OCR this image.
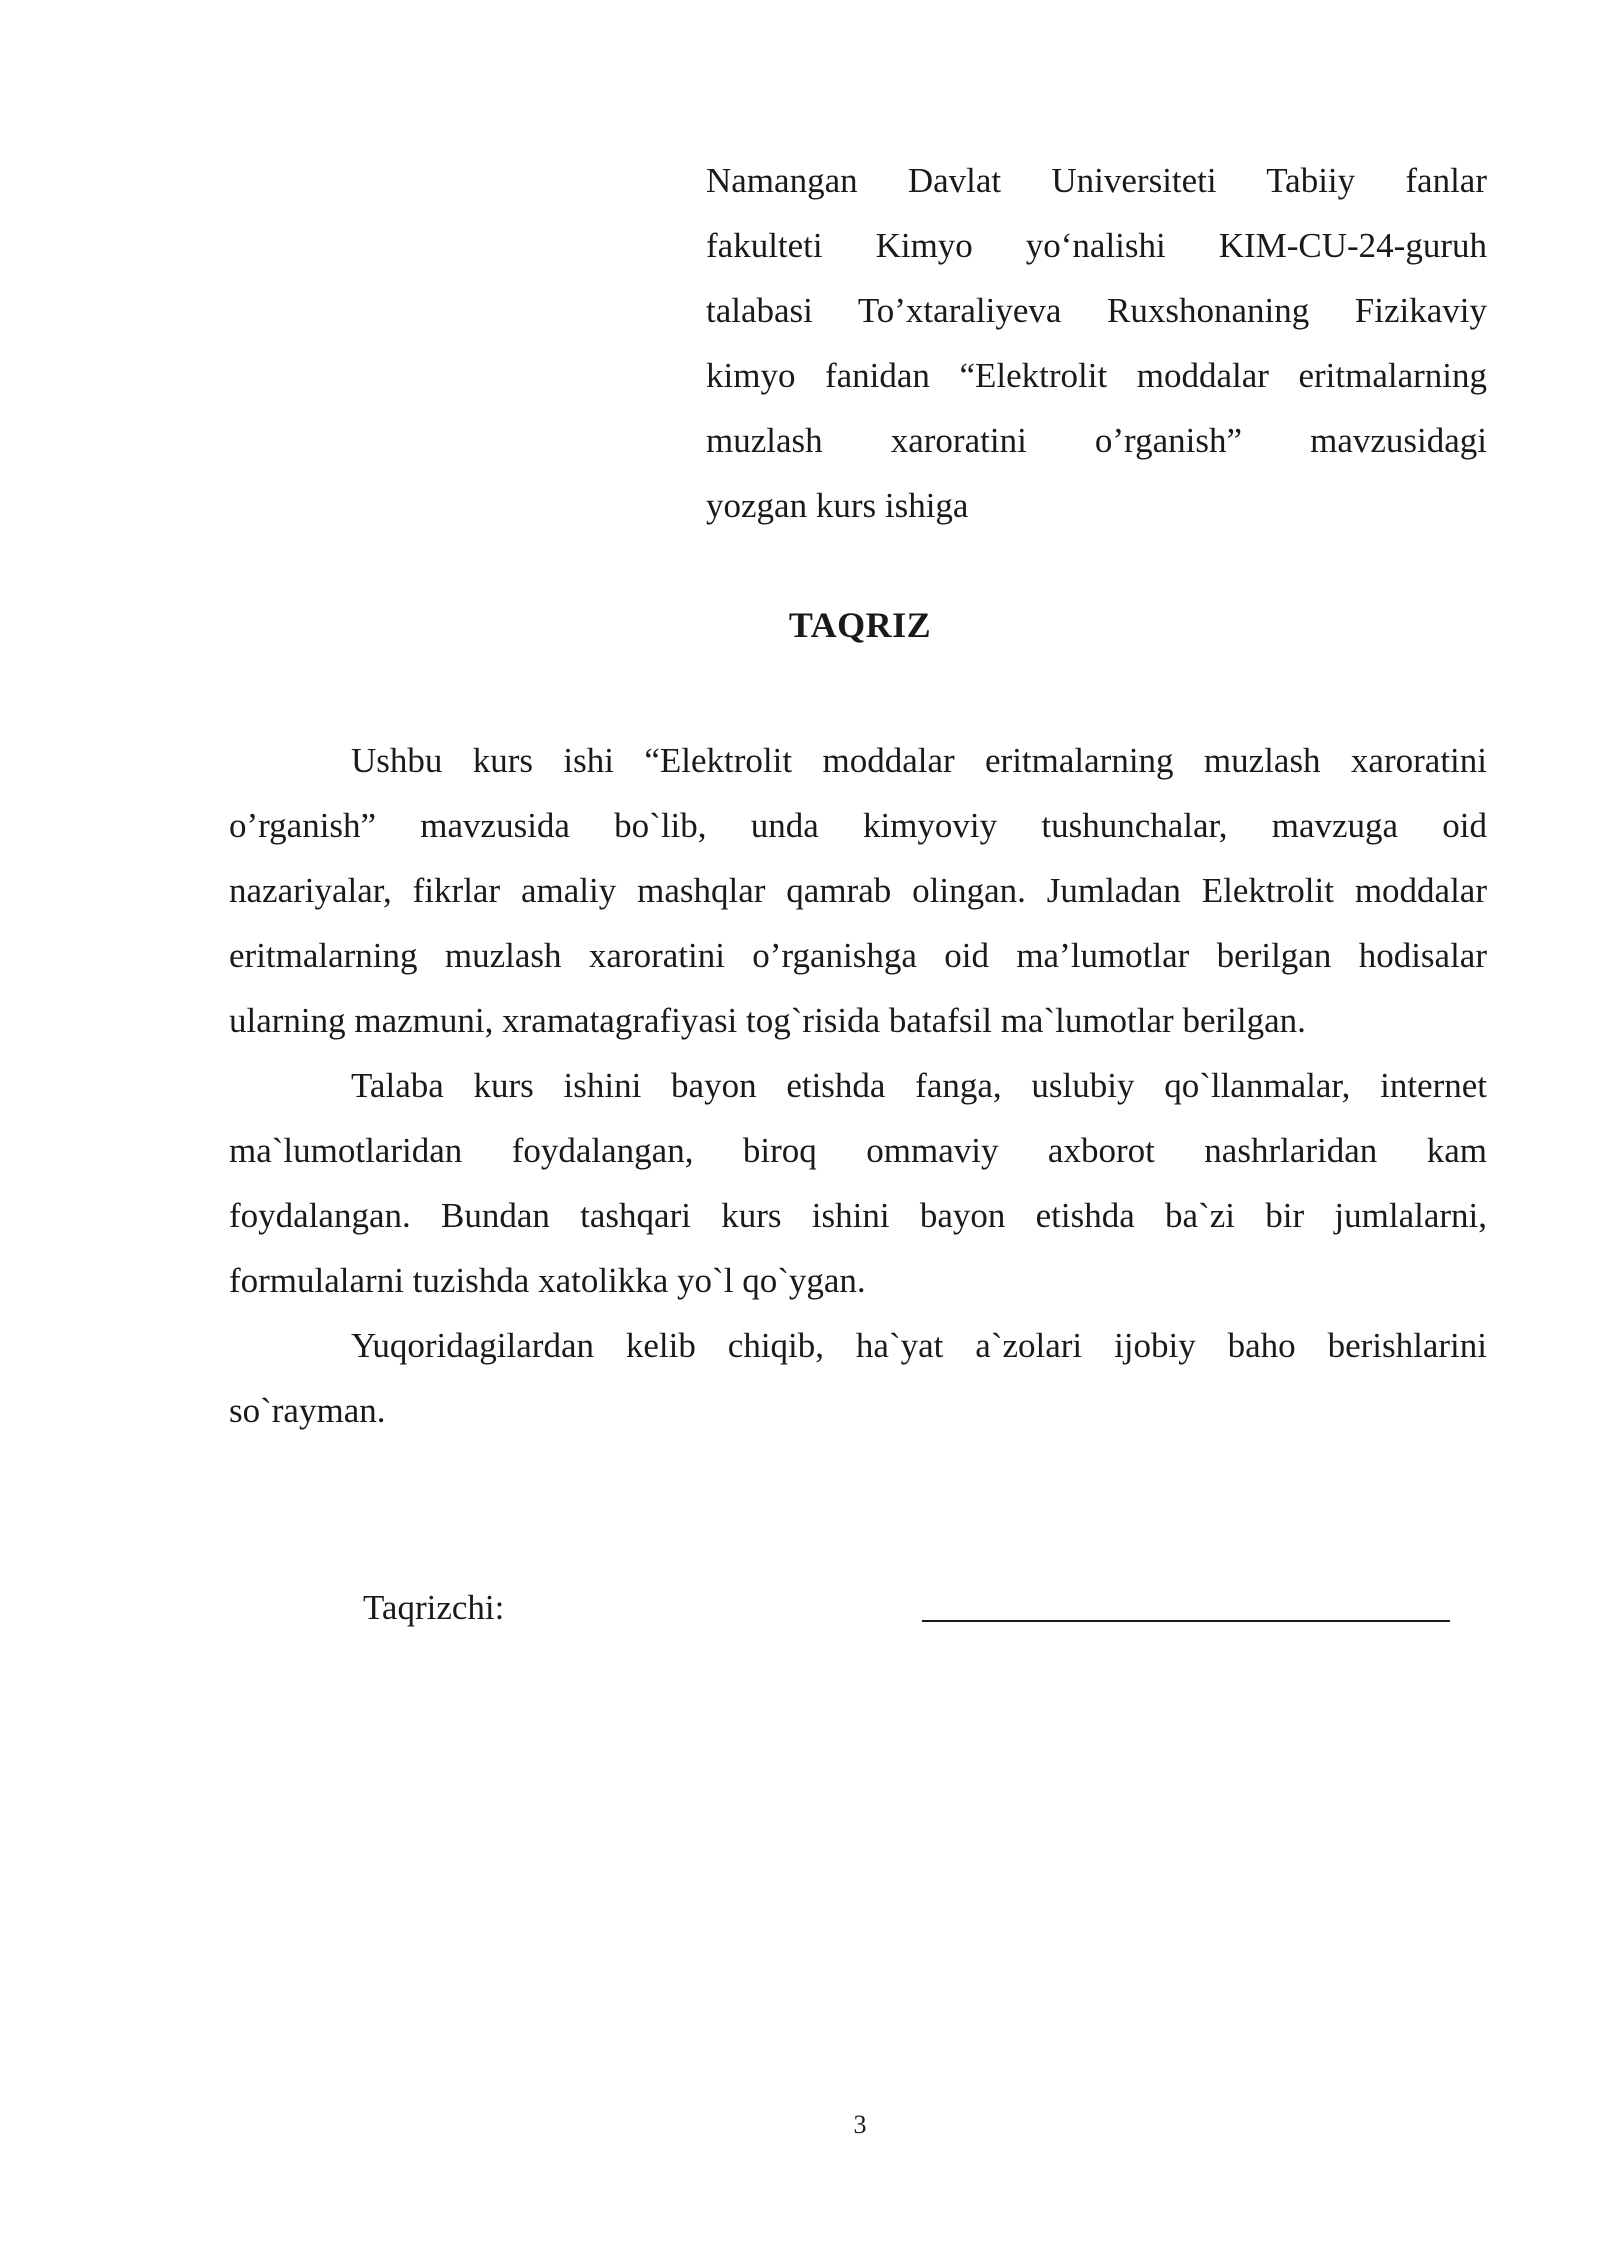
Namangan Davlat Universiteti Tabiiy fanlar
fakulteti Kimyo yo‘nalishi KIM-CU-24-guruh
talabasi To’xtaraliyeva Ruxshonaning Fizikaviy
kimyo fanidan “Elektrolit moddalar eritmalarning
muzlash xaroratini o’rganish” mavzusidagi
yozgan kurs ishiga
TAQRIZ
Ushbu kurs ishi “Elektrolit moddalar eritmalarning muzlash xaroratini
o’rganish” mavzusida bo`lib, unda kimyoviy tushunchalar, mavzuga oid
nazariyalar, fikrlar amaliy mashqlar qamrab olingan. Jumladan Elektrolit moddalar
eritmalarning muzlash xaroratini o’rganishga oid ma’lumotlar berilgan hodisalar
ularning mazmuni, xramatagrafiyasi tog`risida batafsil ma`lumotlar berilgan.
Talaba kurs ishini bayon etishda fanga, uslubiy qo`llanmalar, internet
ma`lumotlaridan foydalangan, biroq ommaviy axborot nashrlaridan kam
foydalangan. Bundan tashqari kurs ishini bayon etishda ba`zi bir jumlalarni,
formulalarni tuzishda xatolikka yo`l qo`ygan.
Yuqoridagilardan kelib chiqib, ha`yat a`zolari ijobiy baho berishlarini
so`rayman.
Taqrizchi:
3
